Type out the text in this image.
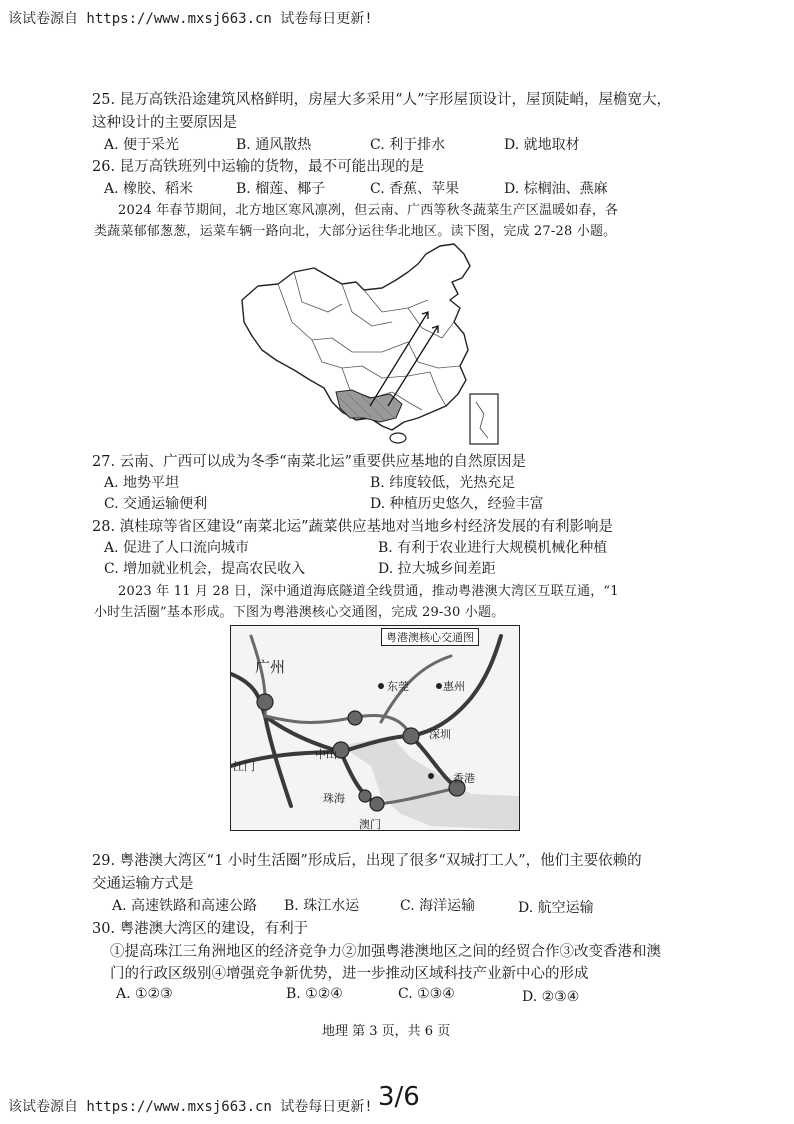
该试卷源自 https://www.mxsj663.cn 试卷每日更新!
25. 昆万高铁沿途建筑风格鲜明，房屋大多采用“人”字形屋顶设计，屋顶陡峭，屋檐宽大，
这种设计的主要原因是
A. 便于采光	B. 通风散热	C. 利于排水	D. 就地取材
26. 昆万高铁班列中运输的货物，最不可能出现的是
A. 橡胶、稻米	B. 榴莲、椰子	C. 香蕉、苹果	D. 棕榈油、燕麻
2024 年春节期间，北方地区寒风凛冽，但云南、广西等秋冬蔬菜生产区温暖如春，各
类蔬菜郁郁葱葱，运菜车辆一路向北，大部分运往华北地区。读下图，完成 27-28 小题。
27. 云南、广西可以成为冬季“南菜北运”重要供应基地的自然原因是
A. 地势平坦	B. 纬度较低，光热充足
C. 交通运输便利	D. 种植历史悠久，经验丰富
28. 滇桂琼等省区建设“南菜北运”蔬菜供应基地对当地乡村经济发展的有利影响是
A. 促进了人口流向城市	B. 有利于农业进行大规模机械化种植
C. 增加就业机会，提高农民收入	D. 拉大城乡间差距
2023 年 11 月 28 日，深中通道海底隧道全线贯通，推动粤港澳大湾区互联互通，“1
小时生活圈”基本形成。下图为粤港澳核心交通图，完成 29-30 小题。
粤港澳核心交通图
广州
东莞	惠州
深圳
中山
江门
珠海
香港
澳门
29. 粤港澳大湾区“1 小时生活圈”形成后，出现了很多“双城打工人”，他们主要依赖的
交通运输方式是
A. 高速铁路和高速公路 B. 珠江水运	C. 海洋运输	D. 航空运输
30. 粤港澳大湾区的建设，有利于
①提高珠江三角洲地区的经济竞争力②加强粤港澳地区之间的经贸合作③改变香港和澳
门的行政区级别④增强竞争新优势，进一步推动区域科技产业新中心的形成
A. ①②③	B. ①②④	C. ①③④	D. ②③④
地理 第 3 页，共 6 页
该试卷源自 https://www.mxsj663.cn 试卷每日更新! 3/6
